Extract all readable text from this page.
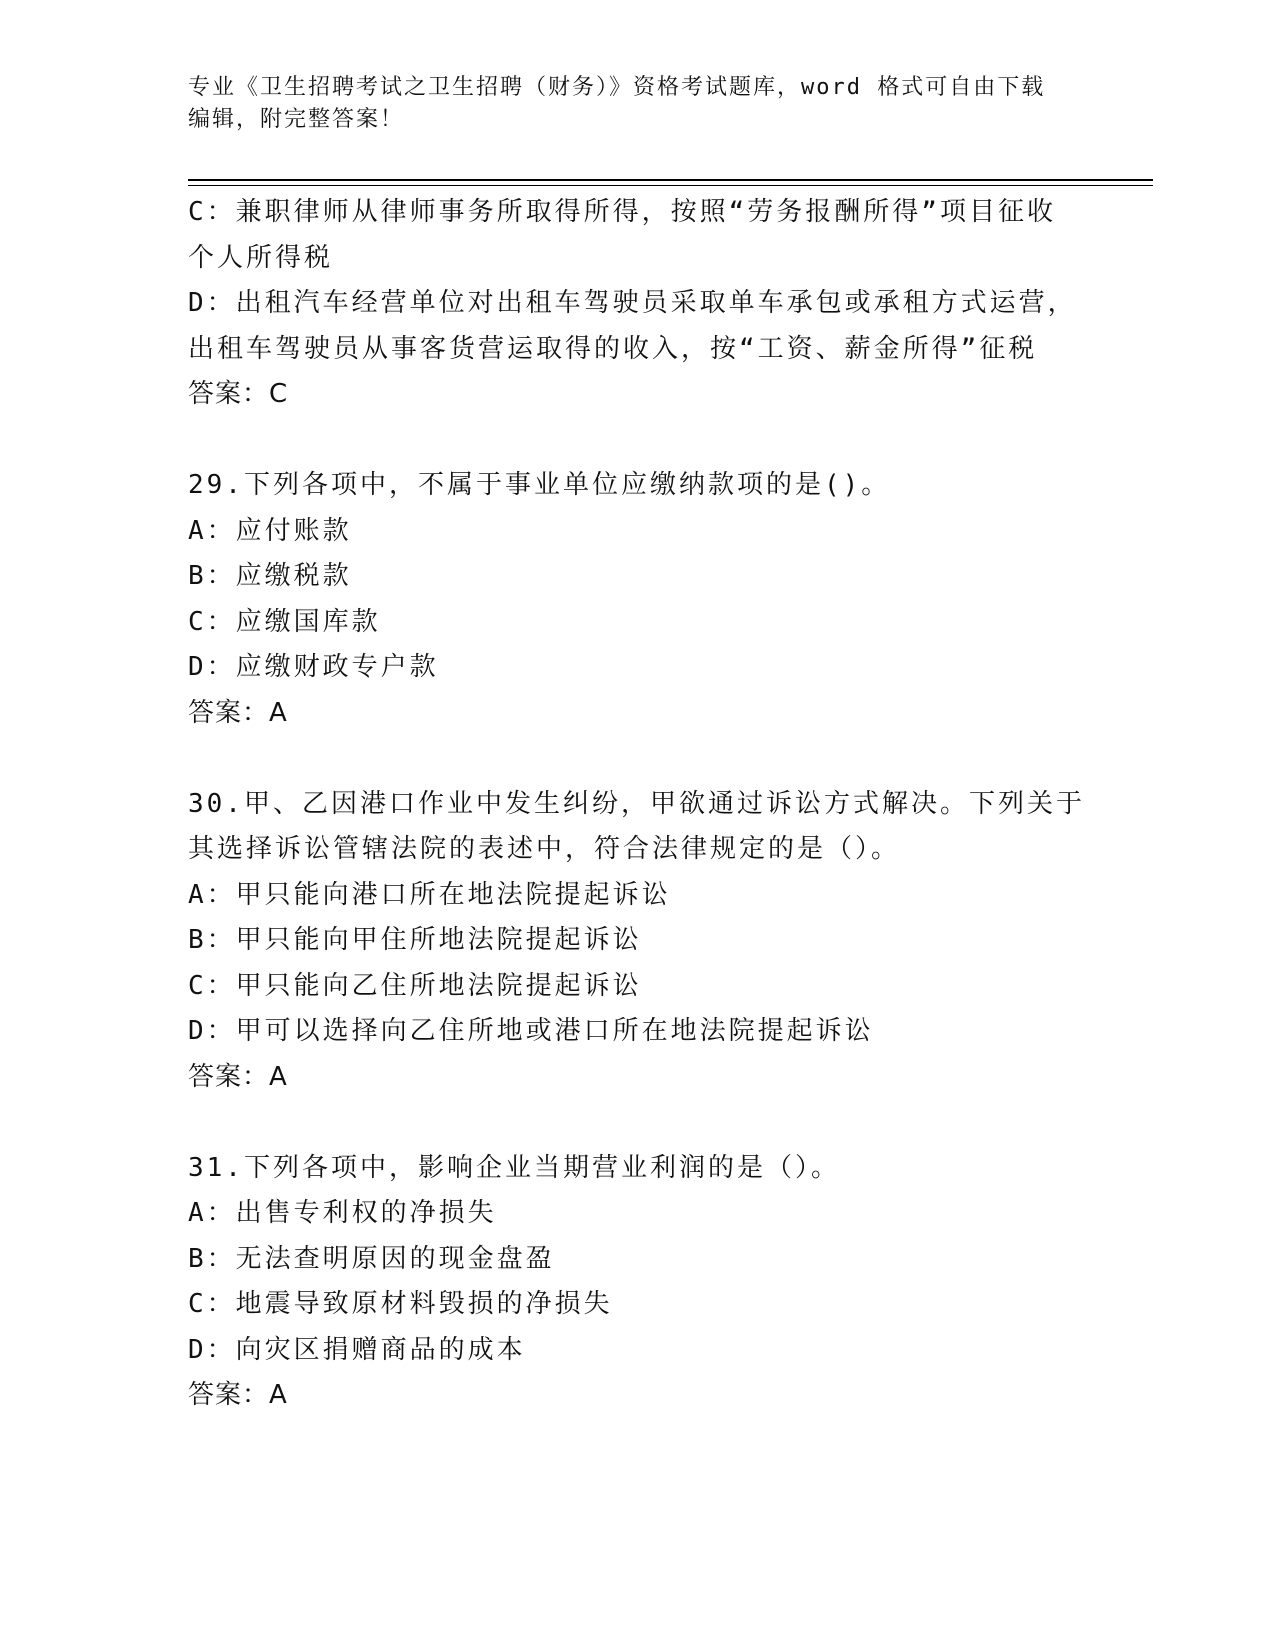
专业《卫生招聘考试之卫生招聘（财务）》资格考试题库，word 格式可自由下载
编辑，附完整答案！
C：兼职律师从律师事务所取得所得，按照“劳务报酬所得”项目征收
个人所得税
D：出租汽车经营单位对出租车驾驶员采取单车承包或承租方式运营，
出租车驾驶员从事客货营运取得的收入，按“工资、薪金所得”征税
答案：C
29.下列各项中，不属于事业单位应缴纳款项的是()。
A：应付账款
B：应缴税款
C：应缴国库款
D：应缴财政专户款
答案：A
30.甲、乙因港口作业中发生纠纷，甲欲通过诉讼方式解决。下列关于
其选择诉讼管辖法院的表述中，符合法律规定的是（）。
A：甲只能向港口所在地法院提起诉讼
B：甲只能向甲住所地法院提起诉讼
C：甲只能向乙住所地法院提起诉讼
D：甲可以选择向乙住所地或港口所在地法院提起诉讼
答案：A
31.下列各项中，影响企业当期营业利润的是（）。
A：出售专利权的净损失
B：无法查明原因的现金盘盈
C：地震导致原材料毁损的净损失
D：向灾区捐赠商品的成本
答案：A
